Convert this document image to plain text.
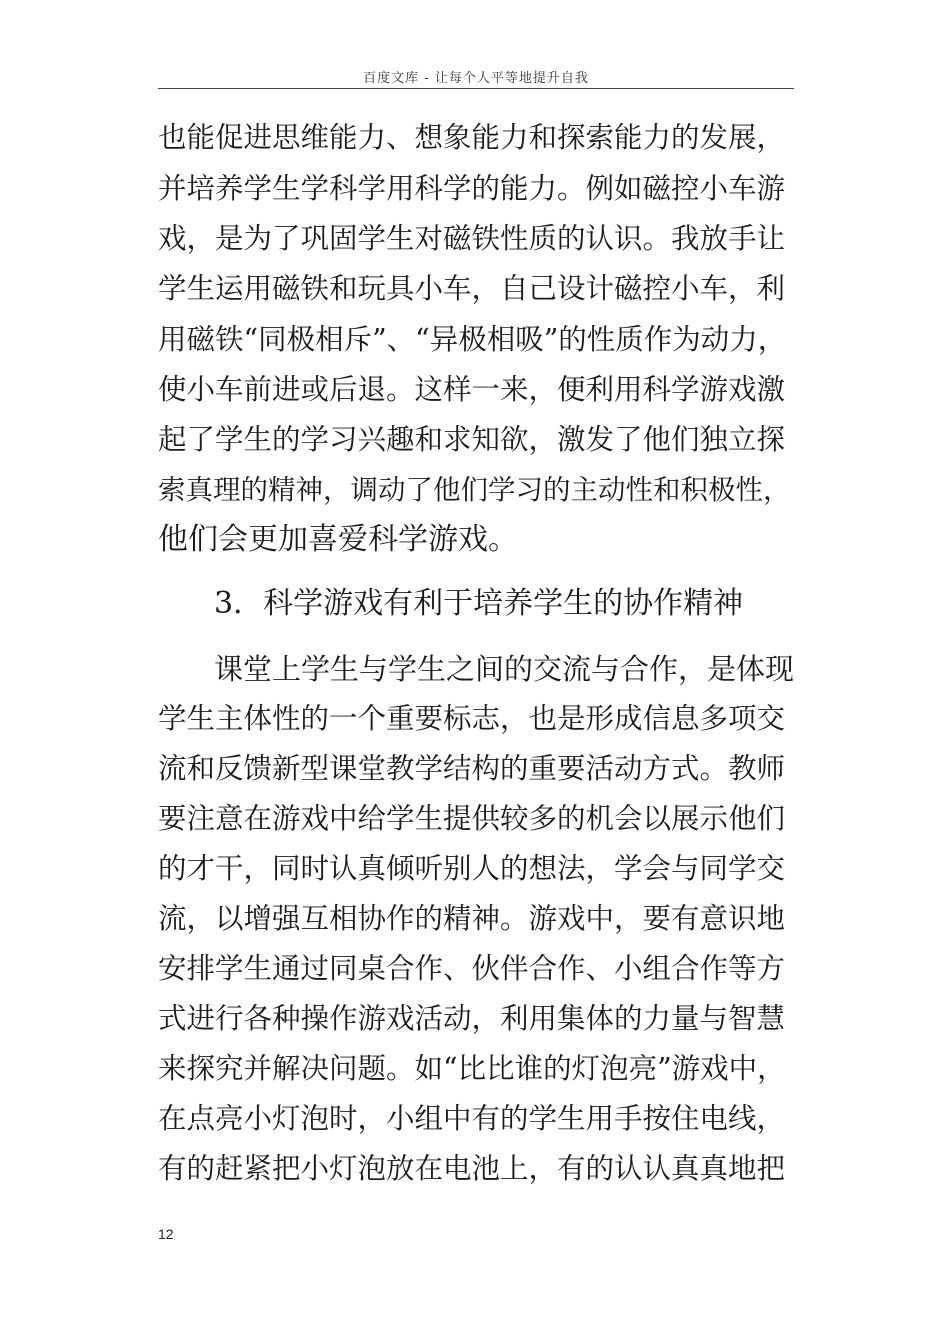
百度文库 - 让每个人平等地提升自我
也能促进思维能力、想象能力和探索能力的发展，
并培养学生学科学用科学的能力。例如磁控小车游
戏，是为了巩固学生对磁铁性质的认识。我放手让
学生运用磁铁和玩具小车，自己设计磁控小车，利
用磁铁“同极相斥”、“异极相吸”的性质作为动力，
使小车前进或后退。这样一来，便利用科学游戏激
起了学生的学习兴趣和求知欲，激发了他们独立探
索真理的精神，调动了他们学习的主动性和积极性，
他们会更加喜爱科学游戏。
3．科学游戏有利于培养学生的协作精神
课堂上学生与学生之间的交流与合作，是体现
学生主体性的一个重要标志，也是形成信息多项交
流和反馈新型课堂教学结构的重要活动方式。教师
要注意在游戏中给学生提供较多的机会以展示他们
的才干，同时认真倾听别人的想法，学会与同学交
流，以增强互相协作的精神。游戏中，要有意识地
安排学生通过同桌合作、伙伴合作、小组合作等方
式进行各种操作游戏活动，利用集体的力量与智慧
来探究并解决问题。如“比比谁的灯泡亮”游戏中，
在点亮小灯泡时，小组中有的学生用手按住电线，
有的赶紧把小灯泡放在电池上，有的认认真真地把
12
